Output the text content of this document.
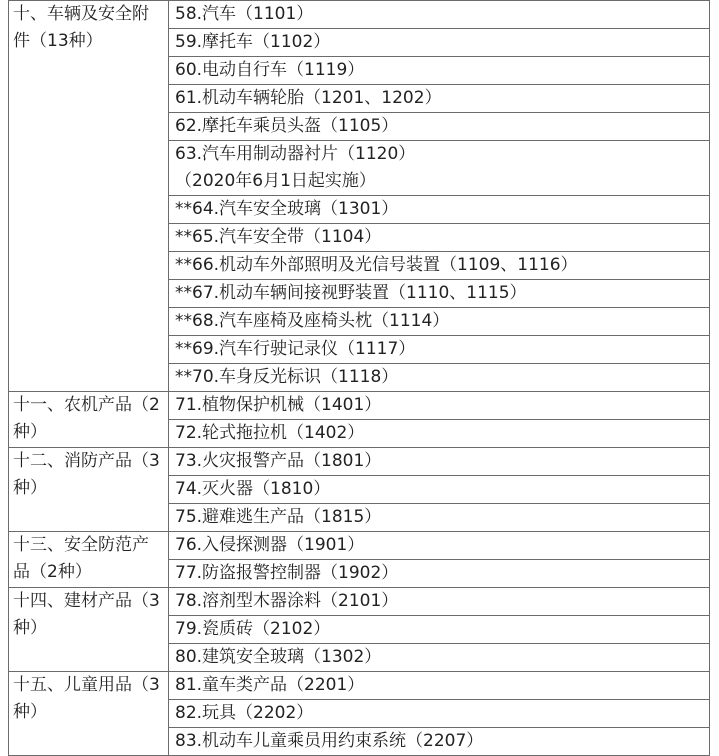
十、车辆及安全附件（13种）	58.汽车（1101）
	59.摩托车（1102）
	60.电动自行车（1119）
	61.机动车辆轮胎（1201、1202）
	62.摩托车乘员头盔（1105）
	63.汽车用制动器衬片（1120）
（2020年6月1日起实施）

	**64.汽车安全玻璃（1301）
	**65.汽车安全带（1104）
	**66.机动车外部照明及光信号装置（1109、1116）
	**67.机动车辆间接视野装置（1110、1115）
	**68.汽车座椅及座椅头枕（1114）
	**69.汽车行驶记录仪（1117）
	**70.车身反光标识（1118）
十一、农机产品（2种）	71.植物保护机械（1401）
	72.轮式拖拉机（1402）
十二、消防产品（3种）	73.火灾报警产品（1801）
	74.灭火器（1810）
	75.避难逃生产品（1815）
十三、安全防范产品（2种）	76.入侵探测器（1901）
	77.防盗报警控制器（1902）
十四、建材产品（3种）	78.溶剂型木器涂料（2101）
	79.瓷质砖（2102）
	80.建筑安全玻璃（1302）
十五、儿童用品（3种）	81.童车类产品（2201）
	82.玩具（2202）
	83.机动车儿童乘员用约束系统（2207）
